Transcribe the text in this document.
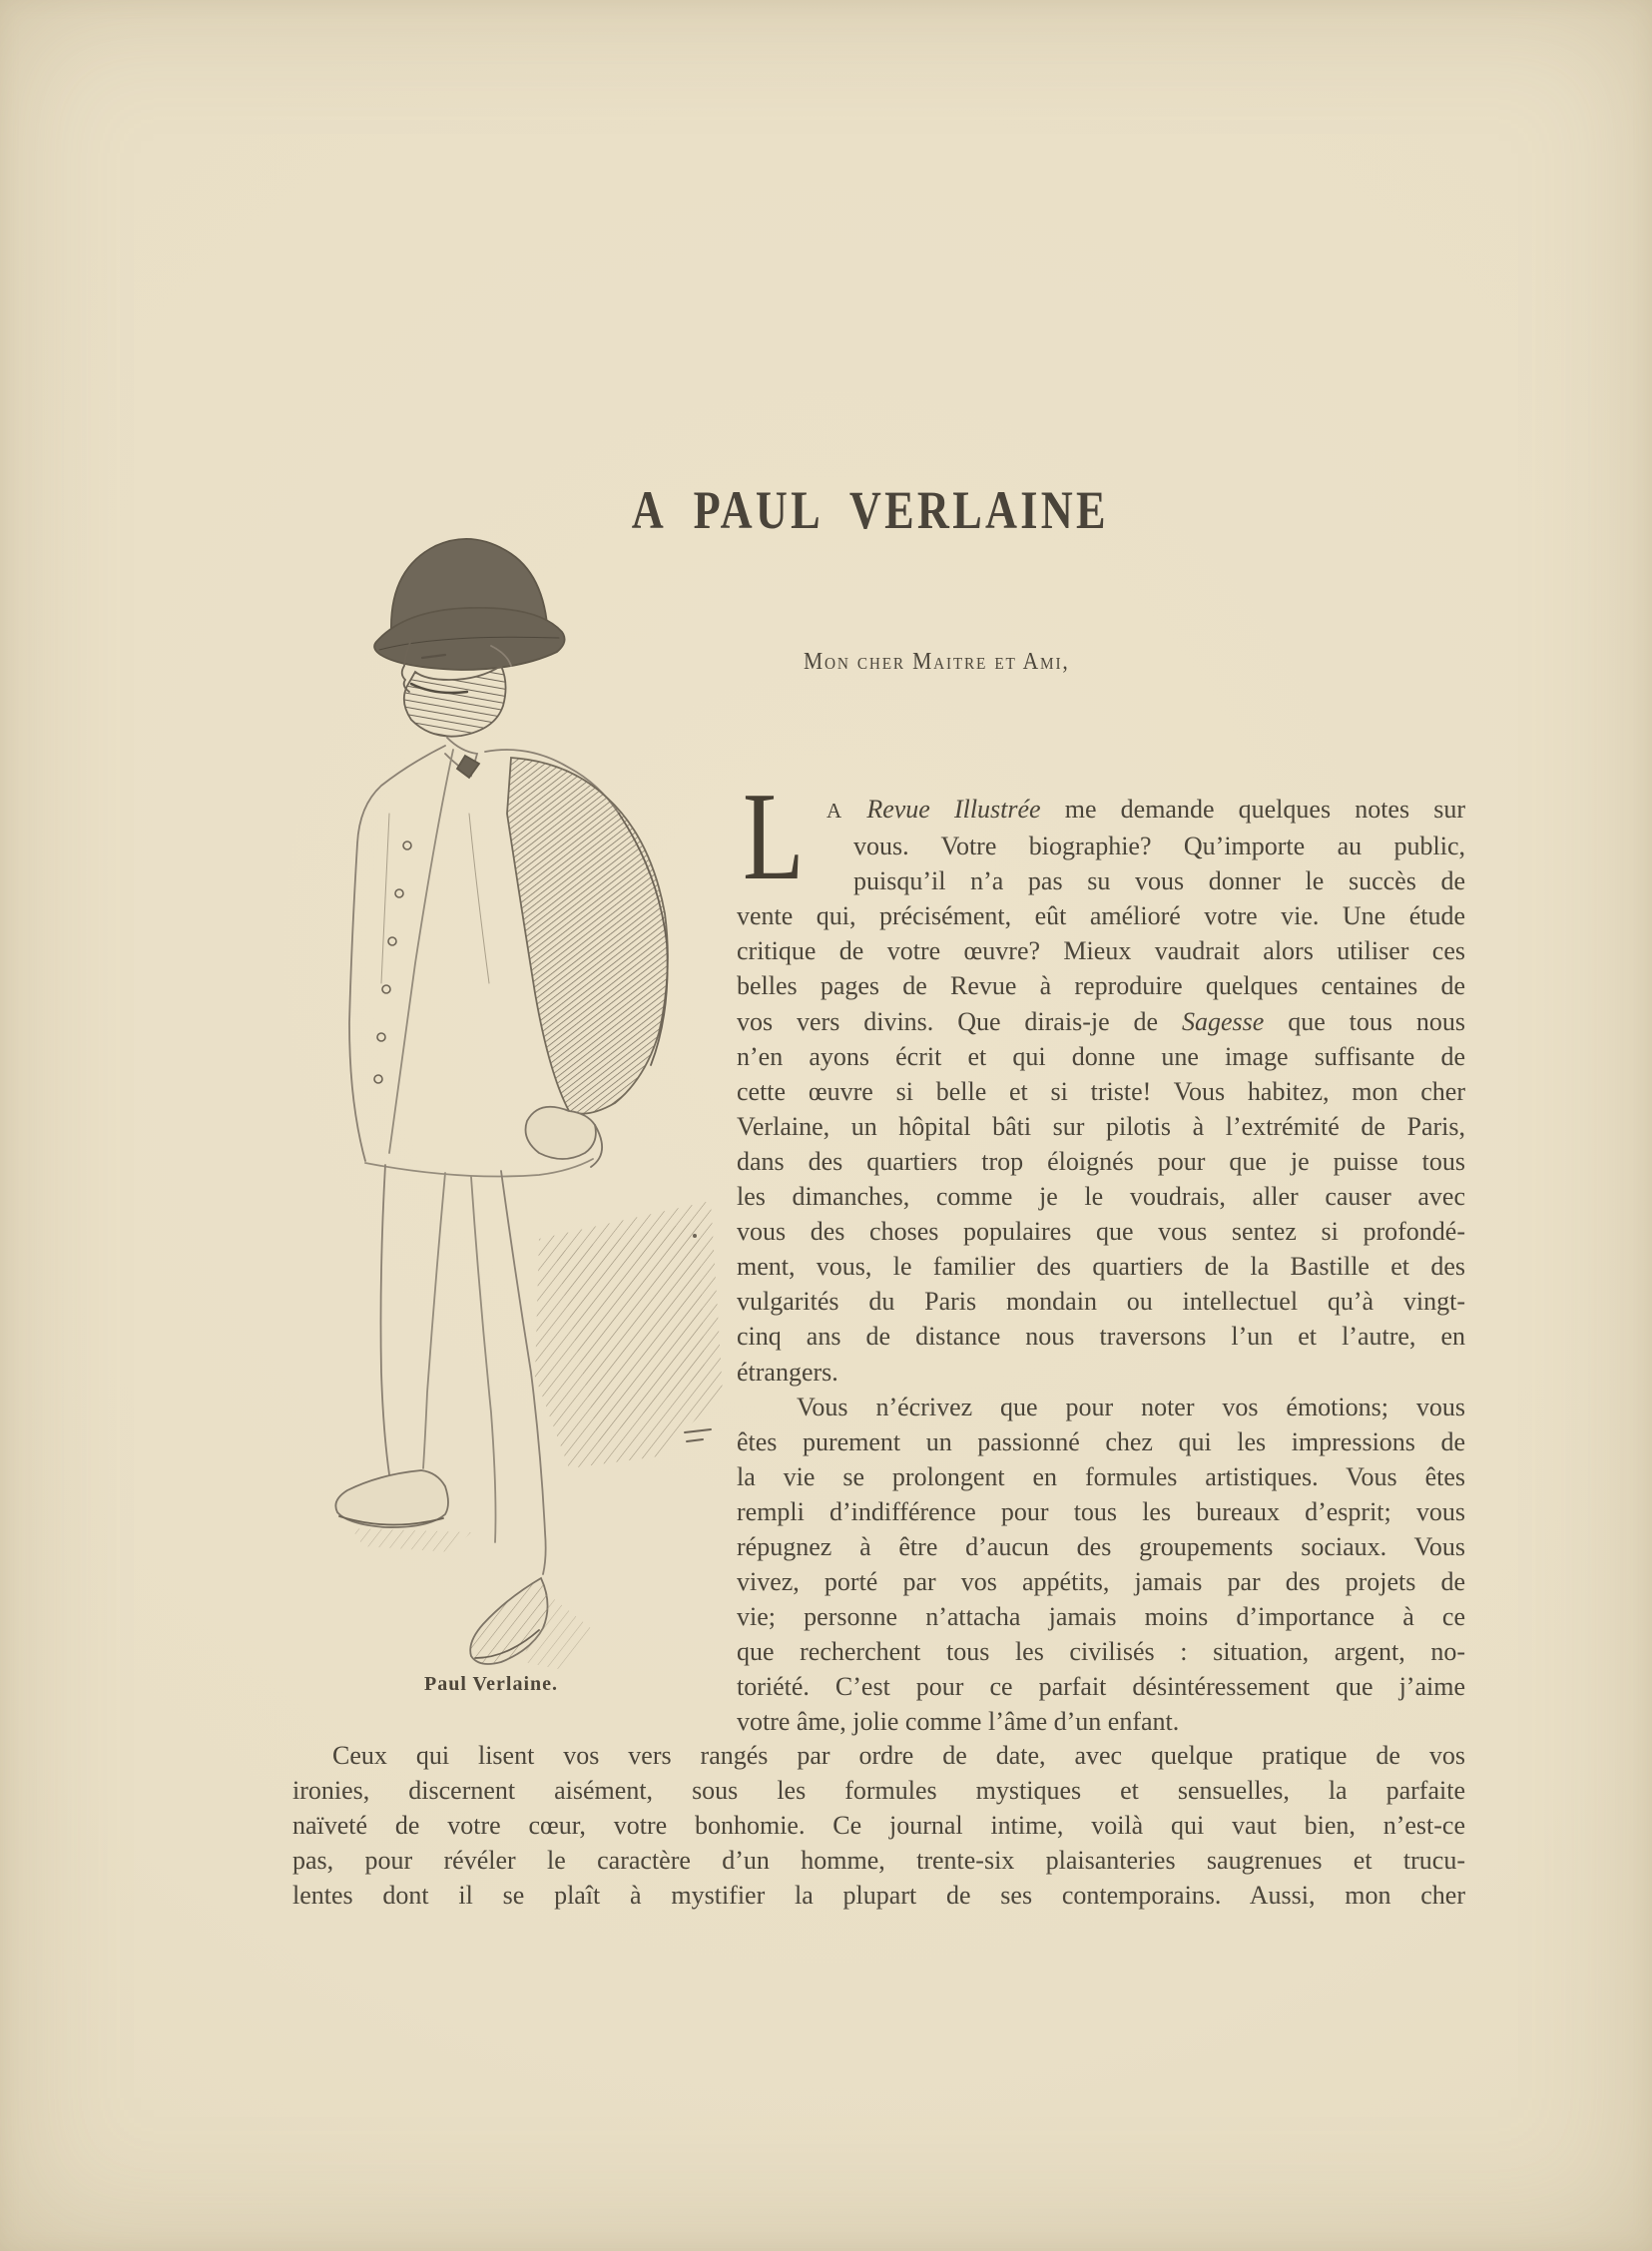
A PAUL VERLAINE
Mon cher Maitre et Ami,
Paul Verlaine.
L A Revue Illustrée me demande quelques notes sur
vous. Votre biographie? Qu’importe au public,
puisqu’il n’a pas su vous donner le succès de
vente qui, précisément, eût amélioré votre vie. Une étude
critique de votre œuvre? Mieux vaudrait alors utiliser ces
belles pages de Revue à reproduire quelques centaines de
vos vers divins. Que dirais-je de Sagesse que tous nous
n’en ayons écrit et qui donne une image suffisante de
cette œuvre si belle et si triste! Vous habitez, mon cher
Verlaine, un hôpital bâti sur pilotis à l’extrémité de Paris,
dans des quartiers trop éloignés pour que je puisse tous
les dimanches, comme je le voudrais, aller causer avec
vous des choses populaires que vous sentez si profondé-
ment, vous, le familier des quartiers de la Bastille et des
vulgarités du Paris mondain ou intellectuel qu’à vingt-
cinq ans de distance nous traversons l’un et l’autre, en
étrangers.
Vous n’écrivez que pour noter vos émotions; vous
êtes purement un passionné chez qui les impressions de
la vie se prolongent en formules artistiques. Vous êtes
rempli d’indifférence pour tous les bureaux d’esprit; vous
répugnez à être d’aucun des groupements sociaux. Vous
vivez, porté par vos appétits, jamais par des projets de
vie; personne n’attacha jamais moins d’importance à ce
que recherchent tous les civilisés : situation, argent, no-
toriété. C’est pour ce parfait désintéressement que j’aime
votre âme, jolie comme l’âme d’un enfant.
Ceux qui lisent vos vers rangés par ordre de date, avec quelque pratique de vos
ironies, discernent aisément, sous les formules mystiques et sensuelles, la parfaite
naïveté de votre cœur, votre bonhomie. Ce journal intime, voilà qui vaut bien, n’est-ce
pas, pour révéler le caractère d’un homme, trente-six plaisanteries saugrenues et trucu-
lentes dont il se plaît à mystifier la plupart de ses contemporains. Aussi, mon cher
